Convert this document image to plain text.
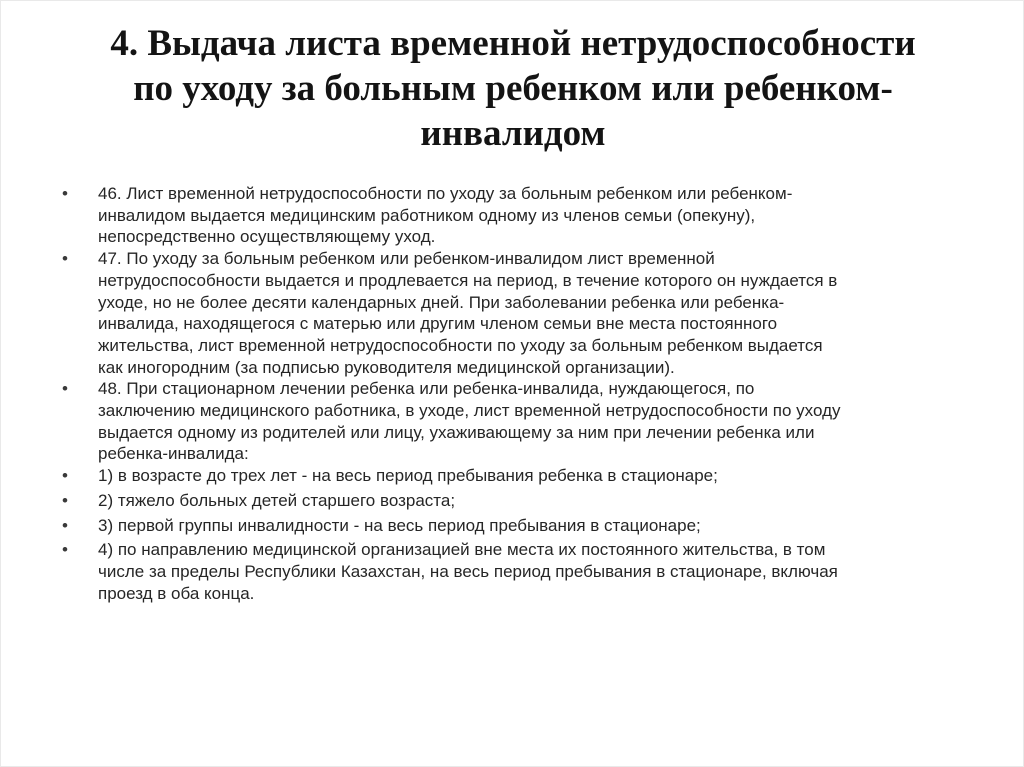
4. Выдача листа временной нетрудоспособности
по уходу за больным ребенком или ребенком-
инвалидом
•	46. Лист временной нетрудоспособности по уходу за больным ребенком или ребенком-
инвалидом выдается медицинским работником одному из членов семьи (опекуну),
непосредственно осуществляющему уход.
•	47. По уходу за больным ребенком или ребенком-инвалидом лист временной
нетрудоспособности выдается и продлевается на период, в течение которого он нуждается в
уходе, но не более десяти календарных дней. При заболевании ребенка или ребенка-
инвалида, находящегося с матерью или другим членом семьи вне места постоянного
жительства, лист временной нетрудоспособности по уходу за больным ребенком выдается
как иногородним (за подписью руководителя медицинской организации).
•	48. При стационарном лечении ребенка или ребенка-инвалида, нуждающегося, по
заключению медицинского работника, в уходе, лист временной нетрудоспособности по уходу
выдается одному из родителей или лицу, ухаживающему за ним при лечении ребенка или
ребенка-инвалида:
•	1) в возрасте до трех лет - на весь период пребывания ребенка в стационаре;
•	2) тяжело больных детей старшего возраста;
•	3) первой группы инвалидности - на весь период пребывания в стационаре;
•	4) по направлению медицинской организацией вне места их постоянного жительства, в том
числе за пределы Республики Казахстан, на весь период пребывания в стационаре, включая
проезд в оба конца.
